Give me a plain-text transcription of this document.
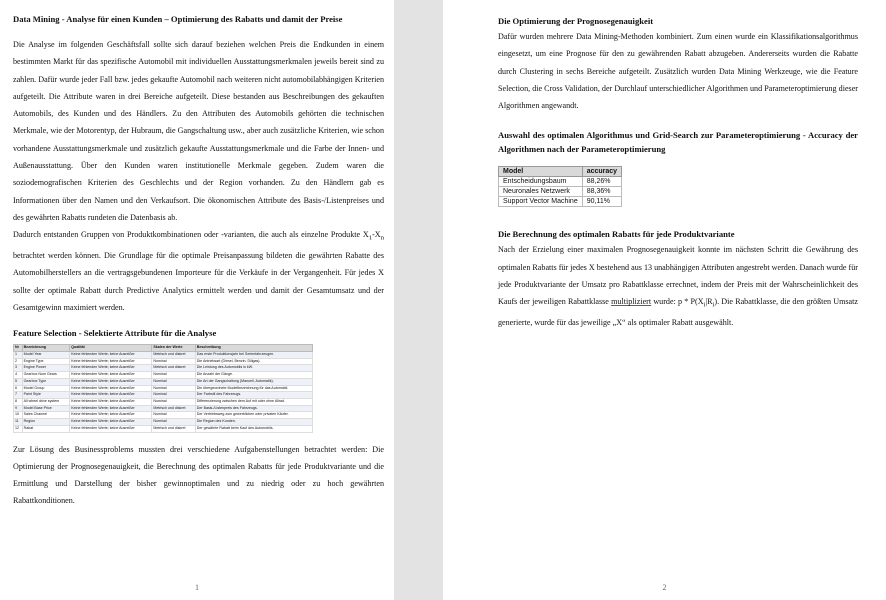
Data Mining - Analyse für einen Kunden – Optimierung des Rabatts und damit der Preise

Die Analyse im folgenden Geschäftsfall sollte sich darauf beziehen welchen Preis die Endkunden in einem bestimmten Markt für das spezifische Automobil mit individuellen Ausstattungsmerkmalen jeweils bereit sind zu zahlen. Dafür wurde jeder Fall bzw. jedes gekaufte Automobil nach weiteren nicht automobilabhängigen Kriterien aufgeteilt. Die Attribute waren in drei Bereiche aufgeteilt. Diese bestanden aus Beschreibungen des gekauften Automobils, des Kunden und des Händlers. Zu den Attributen des Automobils gehörten die technischen Merkmale, wie der Motorentyp, der Hubraum, die Gangschaltung usw., aber auch zusätzliche Kriterien, wie schon vorhandene Ausstattungsmerkmale und zusätzlich gekaufte Ausstattungsmerkmale und die Farbe der Innen- und Außenausstattung. Über den Kunden waren institutionelle Merkmale gegeben. Zudem waren die soziodemografischen Kriterien des Geschlechts und der Region vorhanden. Zu den Händlern gab es Informationen über den Namen und den Verkaufsort. Die ökonomischen Attribute des Basis-/Listenpreises und des gewährten Rabatts rundeten die Datenbasis ab.

Dadurch entstanden Gruppen von Produktkombinationen oder -varianten, die auch als einzelne Produkte $X_1-X_n$ betrachtet werden können. Die Grundlage für die optimale Preisanpassung bildeten die gewährten Rabatte des Automobilherstellers an die vertragsgebundenen Importeure für die Verkäufe in der Vergangenheit. Für jedes X sollte der optimale Rabatt durch Predictive Analytics ermittelt werden und damit der Gesamtumsatz und der Gesamtgewinn maximiert werden.

Feature Selection - Selektierte Attribute für die Analyse
Nr	Bezeichnung	Qualität	Skalen der Werte	Beschreibung
1	Model Year	Keine fehlenden Werte; keine Ausreißer	Metrisch und diskret	Das erste Produktionsjahr bei Serienfahrzeugen.
2	Engine Type	Keine fehlenden Werte; keine Ausreißer	Nominal	Die Antriebsart (Diesel, Benzin, Diligas).
3	Engine Power	Keine fehlenden Werte; keine Ausreißer	Metrisch und diskret	Die Leistung des Automobils in kW.
4	Gearbox Num Gears	Keine fehlenden Werte; keine Ausreißer	Nominal	Die Anzahl der Gänge.
5	Gearbox Type	Keine fehlenden Werte; keine Ausreißer	Nominal	Die Art der Gangschaltung (Manuell, Automatik).
6	Model Group	Keine fehlenden Werte; keine Ausreißer	Nominal	Die übergeordnete Modellbezeichnung für das Automobil.
7	Paint Style	Keine fehlenden Werte; keine Ausreißer	Nominal	Der Farbstil des Fahrzeugs.
8	All wheel drive system	Keine fehlenden Werte; keine Ausreißer	Nominal	Differenzierung zwischen dem Auf mit oder ohne Allrad.
9	Model Base Price	Keine fehlenden Werte; keine Ausreißer	Metrisch und diskret	Der Basis-/Listenpreis des Fahrzeugs.
10	Sales Channel	Keine fehlenden Werte; keine Ausreißer	Nominal	Der Vertriebsweg zum gewerblichen oder privaten Käufer.
11	Region	Keine fehlenden Werte; keine Ausreißer	Nominal	Die Region des Kunden.
12	Rabat	Keine fehlenden Werte; keine Ausreißer	Metrisch und diskret	Der gewährte Rabatt beim Kauf des Automobils.

Zur Lösung des Businessproblems mussten drei verschiedene Aufgabenstellungen betrachtet werden: Die Optimierung der Prognosegenauigkeit, die Berechnung des optimalen Rabatts für jede Produktvariante und die Ermittlung und Darstellung der bisher gewinnoptimalen und zu niedrig oder zu hoch gewährten Rabattkonditionen.

1
Die Optimierung der Prognosegenauigkeit

Dafür wurden mehrere Data Mining-Methoden kombiniert. Zum einen wurde ein Klassifikationsalgorithmus eingesetzt, um eine Prognose für den zu gewährenden Rabatt abzugeben. Andererseits wurden die Rabatte durch Clustering in sechs Bereiche aufgeteilt. Zusätzlich wurden Data Mining Werkzeuge, wie die Feature Selection, die Cross Validation, der Durchlauf unterschiedlicher Algorithmen und Parameteroptimierung dieser Algorithmen angewandt.

Auswahl des optimalen Algorithmus und Grid-Search zur Parameteroptimierung - Accuracy der Algorithmen nach der Parameteroptimierung
Model	accuracy
Entscheidungsbaum	88,26%
Neuronales Netzwerk	88,36%
Support Vector Machine	90,11%
Die Berechnung des optimalen Rabatts für jede Produktvariante

Nach der Erzielung einer maximalen Prognosegenauigkeit konnte im nächsten Schritt die Gewährung des optimalen Rabatts für jedes X bestehend aus 13 unabhängigen Attributen angestrebt werden. Danach wurde für jede Produktvariante der Umsatz pro Rabattklasse errechnet, indem der Preis mit der Wahrscheinlichkeit des Kaufs der jeweiligen Rabattklasse multipliziert wurde: p * $P(X_i|R_i)$. Die Rabattklasse, die den größten Umsatz generierte, wurde für das jeweilige „X“ als optimaler Rabatt ausgewählt.

2
